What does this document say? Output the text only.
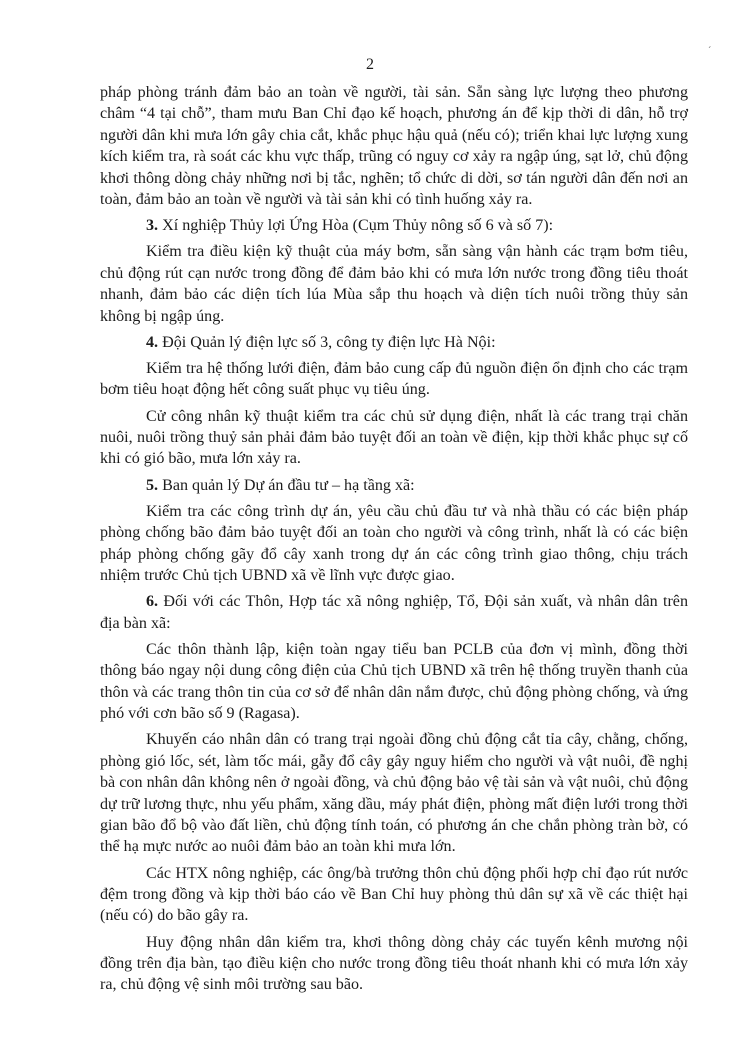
2
´

pháp phòng tránh đảm bảo an toàn về người, tài sản. Sẵn sàng lực lượng theo phương châm “4 tại chỗ”, tham mưu Ban Chỉ đạo kế hoạch, phương án để kịp thời di dân, hỗ trợ người dân khi mưa lớn gây chia cắt, khắc phục hậu quả (nếu có); triển khai lực lượng xung kích kiểm tra, rà soát các khu vực thấp, trũng có nguy cơ xảy ra ngập úng, sạt lở, chủ động khơi thông dòng chảy những nơi bị tắc, nghẽn; tổ chức di dời, sơ tán người dân đến nơi an toàn, đảm bảo an toàn về người và tài sản khi có tình huống xảy ra.

3. Xí nghiệp Thủy lợi Ứng Hòa (Cụm Thủy nông số 6 và số 7):

Kiểm tra điều kiện kỹ thuật của máy bơm, sẵn sàng vận hành các trạm bơm tiêu, chủ động rút cạn nước trong đồng để đảm bảo khi có mưa lớn nước trong đồng tiêu thoát nhanh, đảm bảo các diện tích lúa Mùa sắp thu hoạch và diện tích nuôi trồng thủy sản không bị ngập úng.

4. Đội Quản lý điện lực số 3, công ty điện lực Hà Nội:

Kiểm tra hệ thống lưới điện, đảm bảo cung cấp đủ nguồn điện ổn định cho các trạm bơm tiêu hoạt động hết công suất phục vụ tiêu úng.

Cử công nhân kỹ thuật kiểm tra các chủ sử dụng điện, nhất là các trang trại chăn nuôi, nuôi trồng thuỷ sản phải đảm bảo tuyệt đối an toàn về điện, kịp thời khắc phục sự cố khi có gió bão, mưa lớn xảy ra.

5. Ban quản lý Dự án đầu tư – hạ tầng xã:

Kiểm tra các công trình dự án, yêu cầu chủ đầu tư và nhà thầu có các biện pháp phòng chống bão đảm bảo tuyệt đối an toàn cho người và công trình, nhất là có các biện pháp phòng chống gãy đổ cây xanh trong dự án các công trình giao thông, chịu trách nhiệm trước Chủ tịch UBND xã về lĩnh vực được giao.

6. Đối với các Thôn, Hợp tác xã nông nghiệp, Tổ, Đội sản xuất, và nhân dân trên địa bàn xã:

Các thôn thành lập, kiện toàn ngay tiểu ban PCLB của đơn vị mình, đồng thời thông báo ngay nội dung công điện của Chủ tịch UBND xã trên hệ thống truyền thanh của thôn và các trang thôn tin của cơ sở để nhân dân nắm được, chủ động phòng chống, và ứng phó với cơn bão số 9 (Ragasa).

Khuyến cáo nhân dân có trang trại ngoài đồng chủ động cắt tỉa cây, chằng, chống, phòng gió lốc, sét, làm tốc mái, gẫy đổ cây gây nguy hiểm cho người và vật nuôi, đề nghị bà con nhân dân không nên ở ngoài đồng, và chủ động bảo vệ tài sản và vật nuôi, chủ động dự trữ lương thực, nhu yếu phẩm, xăng dầu, máy phát điện, phòng mất điện lưới trong thời gian bão đổ bộ vào đất liền, chủ động tính toán, có phương án che chắn phòng tràn bờ, có thể hạ mực nước ao nuôi đảm bảo an toàn khi mưa lớn.

Các HTX nông nghiệp, các ông/bà trưởng thôn chủ động phối hợp chỉ đạo rút nước đệm trong đồng và kịp thời báo cáo về Ban Chỉ huy phòng thủ dân sự xã về các thiệt hại (nếu có) do bão gây ra.

Huy động nhân dân kiểm tra, khơi thông dòng chảy các tuyến kênh mương nội đồng trên địa bàn, tạo điều kiện cho nước trong đồng tiêu thoát nhanh khi có mưa lớn xảy ra, chủ động vệ sinh môi trường sau bão.
